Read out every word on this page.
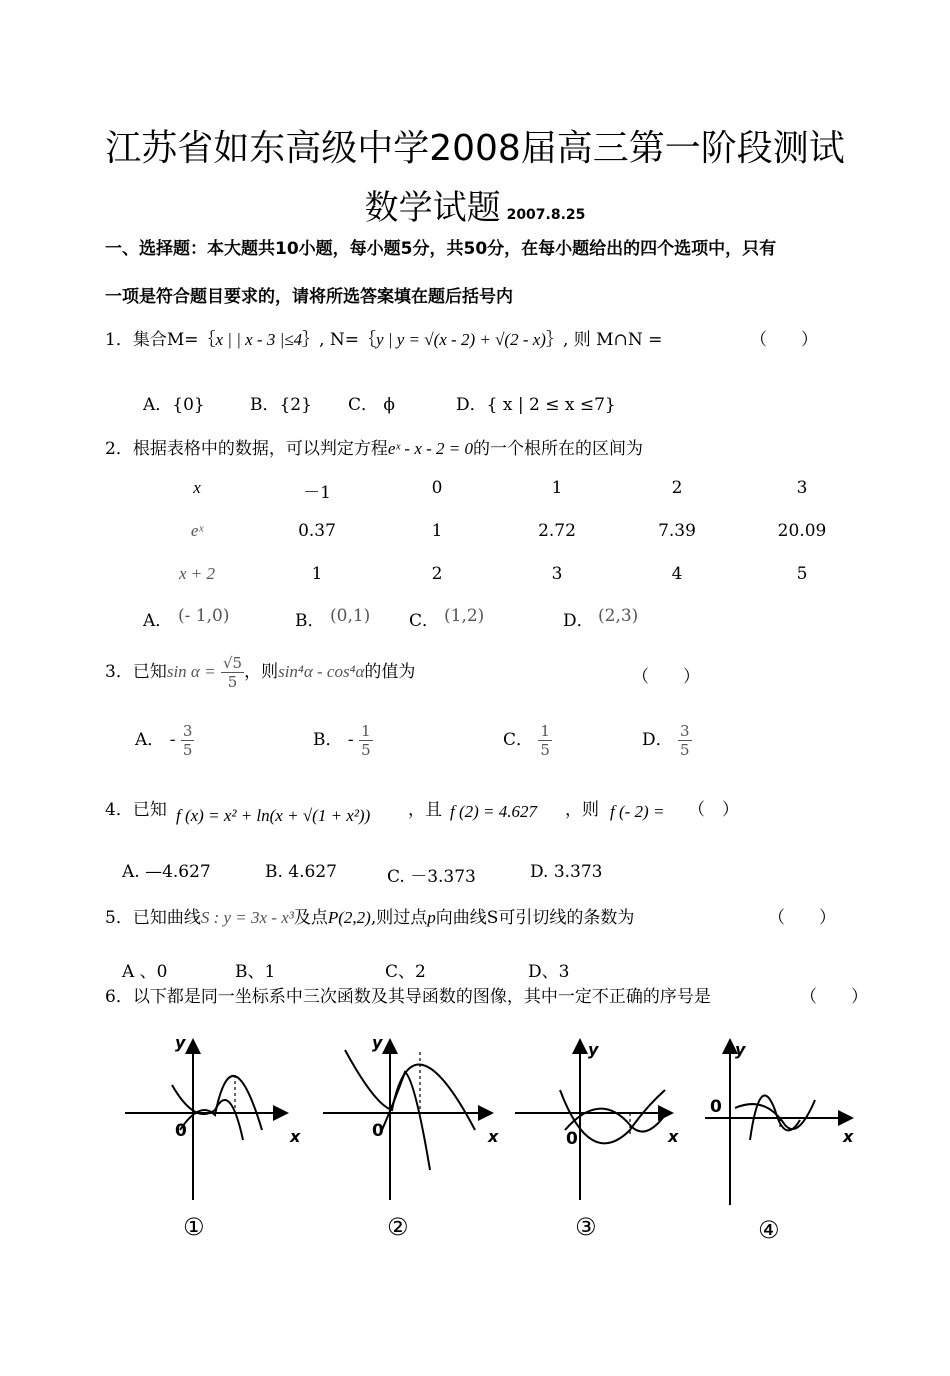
江苏省如东高级中学2008届高三第一阶段测试
数学试题 2007.8.25
一、选择题：本大题共10小题，每小题5分，共50分，在每小题给出的四个选项中，只有
一项是符合题目要求的，请将所选答案填在题后括号内
1．集合M=｛x | | x - 3 |≤4｝, N=｛y | y = √(x - 2) + √(2 - x)｝, 则 M∩N =	（　　）
A．{0}	B．{2} C． ϕ	D．{ x | 2 ≤ x ≤7}
2．根据表格中的数据，可以判定方程eˣ - x - 2 = 0的一个根所在的区间为
x	－1	0	1	2	3
eˣ	0.37	1	2.72	7.39	20.09
x + 2	1	2	3	4	5
A． (- 1,0)	B． (0,1) C． (1,2)	D． (2,3)
3．已知$\sin \alpha = \frac{√5}{5}$，则sin⁴α - cos⁴α的值为	（　　）
A． - $\frac{3}{5}$	B． - $\frac{1}{5}$	C． $\frac{1}{5}$	D． $\frac{3}{5}$
4．已知 f (x) = x² + ln(x + √(1 + x²)) ，且 f (2) = 4.627 ，则 f (- 2) = （　）
A. —4.627	B. 4.627	C. －3.373	D. 3.373
5．已知曲线S : y = 3x - x³及点P(2,2),则过点p向曲线S可引切线的条数为	（　　）
A 、0	B、1	C、2	D、3
6．以下都是同一坐标系中三次函数及其导函数的图像，其中一定不正确的序号是	（　　）
y
x
y
x
y
x
y
x
0	0	0
0
①	②	③	④
